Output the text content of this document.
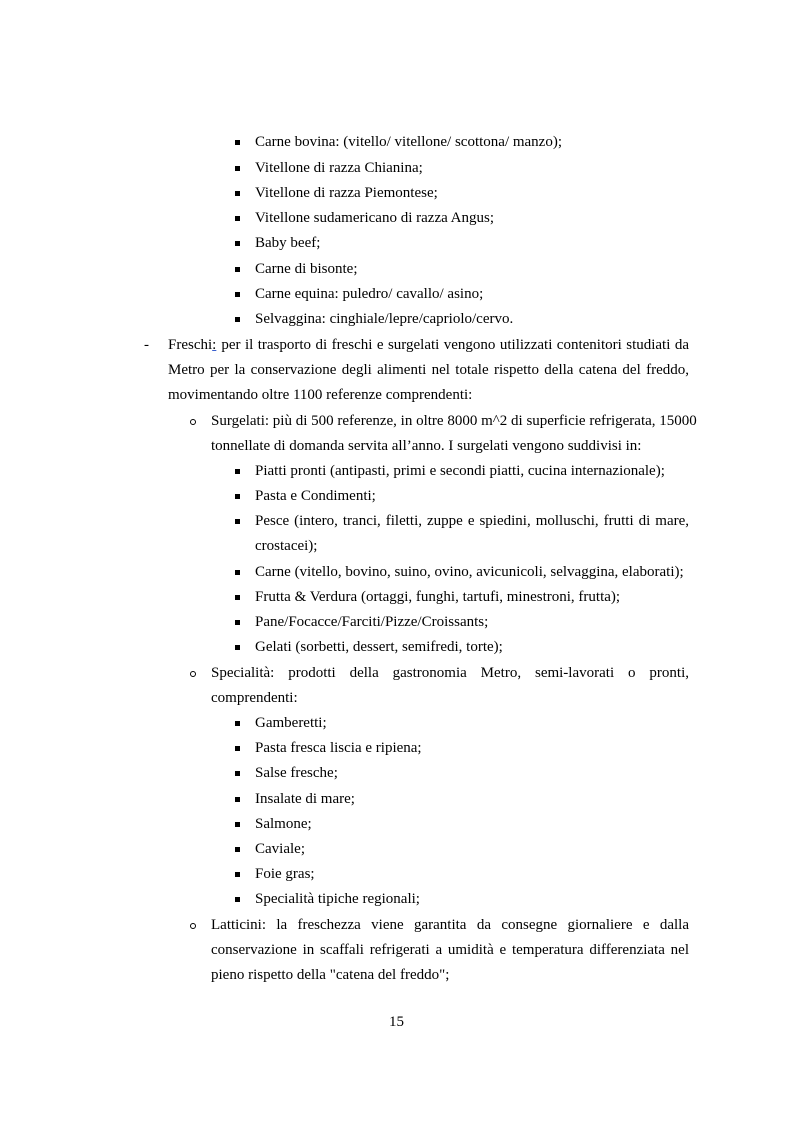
Carne bovina: (vitello/ vitellone/ scottona/ manzo);
Vitellone di razza Chianina;
Vitellone di razza Piemontese;
Vitellone sudamericano di razza Angus;
Baby beef;
Carne di bisonte;
Carne equina: puledro/ cavallo/ asino;
Selvaggina: cinghiale/lepre/capriolo/cervo.
- Freschi : per il trasporto di freschi e surgelati vengono utilizzati contenitori studiati da
Metro per la conservazione degli alimenti nel totale rispetto della catena del freddo,
movimentando oltre 1100 referenze comprendenti:
Surgelati: più di 500 referenze, in oltre 8000 m^2 di superficie refrigerata, 15000
tonnellate di domanda servita all’anno. I surgelati vengono suddivisi in:
Piatti pronti (antipasti, primi e secondi piatti, cucina internazionale);
Pasta e Condimenti;
Pesce (intero, tranci, filetti, zuppe e spiedini, molluschi, frutti di mare,
crostacei);
Carne (vitello, bovino, suino, ovino, avicunicoli, selvaggina, elaborati);
Frutta & Verdura (ortaggi, funghi, tartufi, minestroni, frutta);
Pane/Focacce/Farciti/Pizze/Croissants;
Gelati (sorbetti, dessert, semifredi, torte);
Specialità: prodotti della gastronomia Metro, semi-lavorati o pronti,
comprendenti:
Gamberetti;
Pasta fresca liscia e ripiena;
Salse fresche;
Insalate di mare;
Salmone;
Caviale;
Foie gras;
Specialità tipiche regionali;
Latticini: la freschezza viene garantita da consegne giornaliere e dalla
conservazione in scaffali refrigerati a umidità e temperatura differenziata nel
pieno rispetto della "catena del freddo";
15
